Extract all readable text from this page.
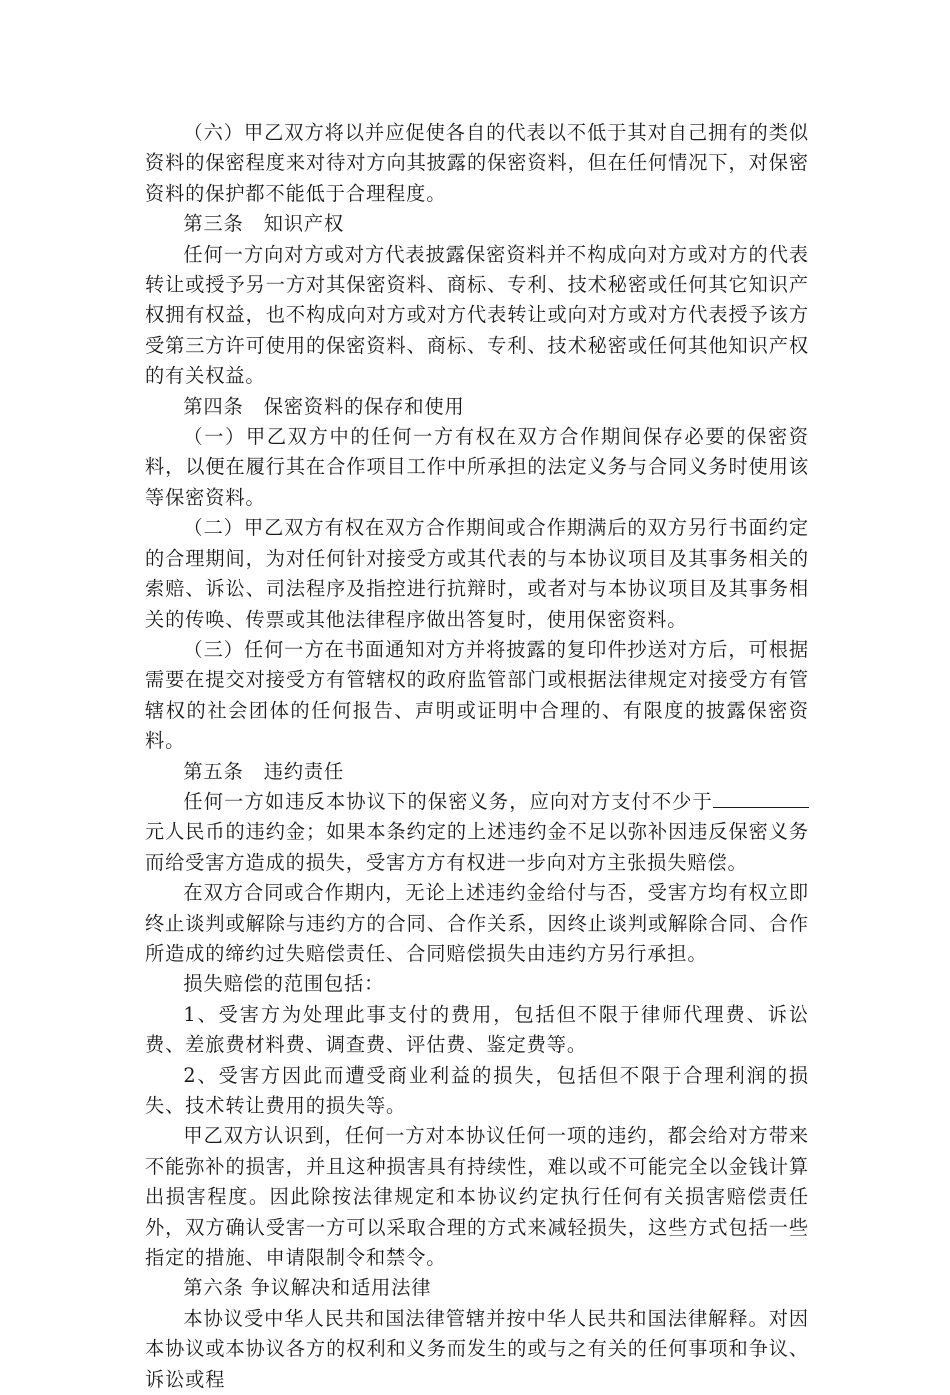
（六）甲乙双方将以并应促使各自的代表以不低于其对自己拥有的类似资料的保密程度来对待对方向其披露的保密资料，但在任何情况下，对保密资料的保护都不能低于合理程度。

第三条　知识产权

任何一方向对方或对方代表披露保密资料并不构成向对方或对方的代表转让或授予另一方对其保密资料、商标、专利、技术秘密或任何其它知识产权拥有权益，也不构成向对方或对方代表转让或向对方或对方代表授予该方受第三方许可使用的保密资料、商标、专利、技术秘密或任何其他知识产权的有关权益。

第四条　保密资料的保存和使用

（一）甲乙双方中的任何一方有权在双方合作期间保存必要的保密资料，以便在履行其在合作项目工作中所承担的法定义务与合同义务时使用该等保密资料。

（二）甲乙双方有权在双方合作期间或合作期满后的双方另行书面约定的合理期间，为对任何针对接受方或其代表的与本协议项目及其事务相关的索赔、诉讼、司法程序及指控进行抗辩时，或者对与本协议项目及其事务相关的传唤、传票或其他法律程序做出答复时，使用保密资料。

（三）任何一方在书面通知对方并将披露的复印件抄送对方后，可根据需要在提交对接受方有管辖权的政府监管部门或根据法律规定对接受方有管辖权的社会团体的任何报告、声明或证明中合理的、有限度的披露保密资料。

第五条　违约责任

任何一方如违反本协议下的保密义务，应向对方支付不少于元人民币的违约金；如果本条约定的上述违约金不足以弥补因违反保密义务而给受害方造成的损失，受害方方有权进一步向对方主张损失赔偿。

在双方合同或合作期内，无论上述违约金给付与否，受害方均有权立即终止谈判或解除与违约方的合同、合作关系，因终止谈判或解除合同、合作所造成的缔约过失赔偿责任、合同赔偿损失由违约方另行承担。

损失赔偿的范围包括：

1、受害方为处理此事支付的费用，包括但不限于律师代理费、诉讼费、差旅费材料费、调查费、评估费、鉴定费等。

2、受害方因此而遭受商业利益的损失，包括但不限于合理利润的损失、技术转让费用的损失等。

甲乙双方认识到，任何一方对本协议任何一项的违约，都会给对方带来不能弥补的损害，并且这种损害具有持续性，难以或不可能完全以金钱计算出损害程度。因此除按法律规定和本协议约定执行任何有关损害赔偿责任外，双方确认受害一方可以采取合理的方式来减轻损失，这些方式包括一些指定的措施、申请限制令和禁令。

第六条 争议解决和适用法律

本协议受中华人民共和国法律管辖并按中华人民共和国法律解释。对因本协议或本协议各方的权利和义务而发生的或与之有关的任何事项和争议、诉讼或程
